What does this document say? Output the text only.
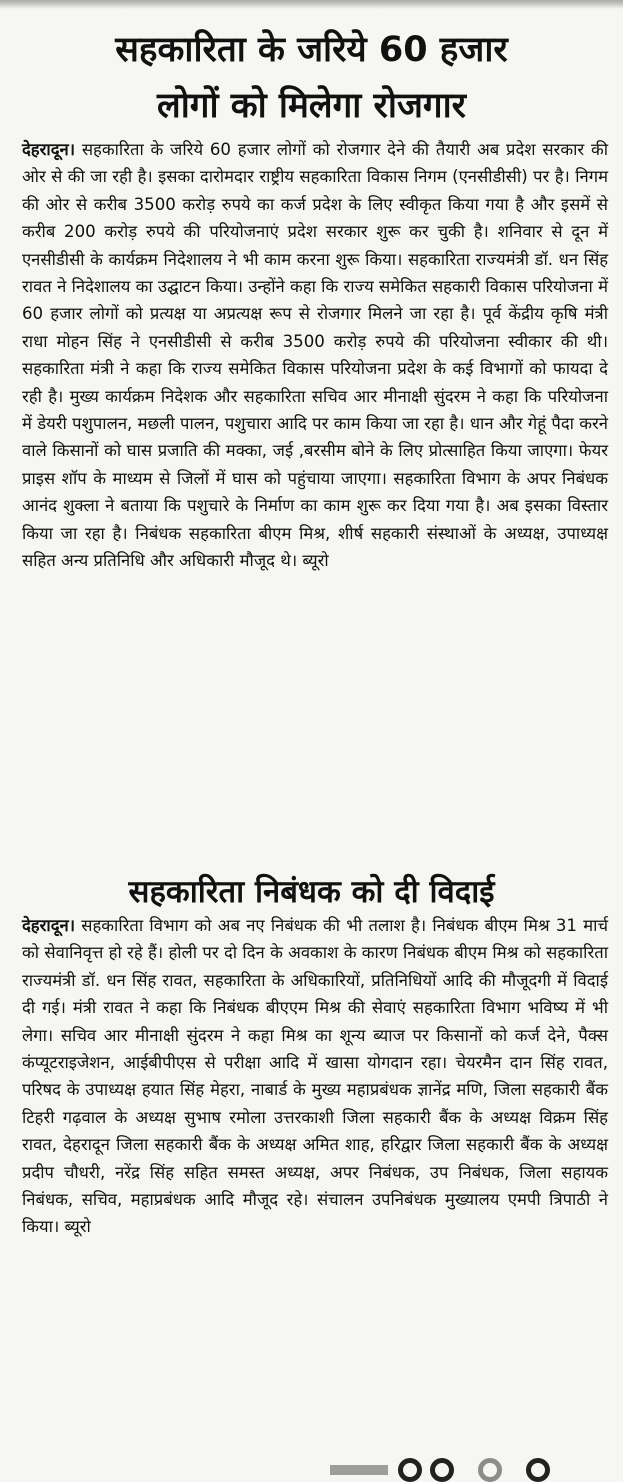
सहकारिता के जरिये 60 हजार
लोगों को मिलेगा रोजगार

देहरादून। सहकारिता के जरिये 60 हजार लोगों को रोजगार देने की तैयारी अब प्रदेश सरकार की ओर से की जा रही है। इसका दारोमदार राष्ट्रीय सहकारिता विकास निगम (एनसीडीसी) पर है। निगम की ओर से करीब 3500 करोड़ रुपये का कर्ज प्रदेश के लिए स्वीकृत किया गया है और इसमें से करीब 200 करोड़ रुपये की परियोजनाएं प्रदेश सरकार शुरू कर चुकी है। शनिवार से दून में एनसीडीसी के कार्यक्रम निदेशालय ने भी काम करना शुरू किया। सहकारिता राज्यमंत्री डॉ. धन सिंह रावत ने निदेशालय का उद्घाटन किया। उन्होंने कहा कि राज्य समेकित सहकारी विकास परियोजना में 60 हजार लोगों को प्रत्यक्ष या अप्रत्यक्ष रूप से रोजगार मिलने जा रहा है। पूर्व केंद्रीय कृषि मंत्री राधा मोहन सिंह ने एनसीडीसी से करीब 3500 करोड़ रुपये की परियोजना स्वीकार की थी। सहकारिता मंत्री ने कहा कि राज्य समेकित विकास परियोजना प्रदेश के कई विभागों को फायदा दे रही है। मुख्य कार्यक्रम निदेशक और सहकारिता सचिव आर मीनाक्षी सुंदरम ने कहा कि परियोजना में डेयरी पशुपालन, मछली पालन, पशुचारा आदि पर काम किया जा रहा है। धान और गेहूं पैदा करने वाले किसानों को घास प्रजाति की मक्का, जई ,बरसीम बोने के लिए प्रोत्साहित किया जाएगा। फेयर प्राइस शॉप के माध्यम से जिलों में घास को पहुंचाया जाएगा। सहकारिता विभाग के अपर निबंधक आनंद शुक्ला ने बताया कि पशुचारे के निर्माण का काम शुरू कर दिया गया है। अब इसका विस्तार किया जा रहा है। निबंधक सहकारिता बीएम मिश्र, शीर्ष सहकारी संस्थाओं के अध्यक्ष, उपाध्यक्ष सहित अन्य प्रतिनिधि और अधिकारी मौजूद थे। ब्यूरो

सहकारिता निबंधक को दी विदाई

देहरादून। सहकारिता विभाग को अब नए निबंधक की भी तलाश है। निबंधक बीएम मिश्र 31 मार्च को सेवानिवृत्त हो रहे हैं। होली पर दो दिन के अवकाश के कारण निबंधक बीएम मिश्र को सहकारिता राज्यमंत्री डॉ. धन सिंह रावत, सहकारिता के अधिकारियों, प्रतिनिधियों आदि की मौजूदगी में विदाई दी गई। मंत्री रावत ने कहा कि निबंधक बीएएम मिश्र की सेवाएं सहकारिता विभाग भविष्य में भी लेगा। सचिव आर मीनाक्षी सुंदरम ने कहा मिश्र का शून्य ब्याज पर किसानों को कर्ज देने, पैक्स कंप्यूटराइजेशन, आईबीपीएस से परीक्षा आदि में खासा योगदान रहा। चेयरमैन दान सिंह रावत, परिषद के उपाध्यक्ष हयात सिंह मेहरा, नाबार्ड के मुख्य महाप्रबंधक ज्ञानेंद्र मणि, जिला सहकारी बैंक टिहरी गढ़वाल के अध्यक्ष सुभाष रमोला उत्तरकाशी जिला सहकारी बैंक के अध्यक्ष विक्रम सिंह रावत, देहरादून जिला सहकारी बैंक के अध्यक्ष अमित शाह, हरिद्वार जिला सहकारी बैंक के अध्यक्ष प्रदीप चौधरी, नरेंद्र सिंह सहित समस्त अध्यक्ष, अपर निबंधक, उप निबंधक, जिला सहायक निबंधक, सचिव, महाप्रबंधक आदि मौजूद रहे। संचालन उपनिबंधक मुख्यालय एमपी त्रिपाठी ने किया। ब्यूरो
